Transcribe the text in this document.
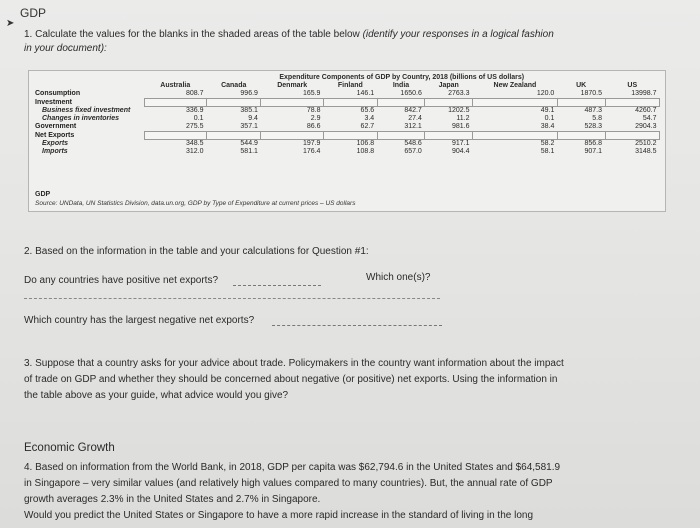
GDP
➤
1. Calculate the values for the blanks in the shaded areas of the table below (identify your responses in a logical fashion in your document):
	Expenditure Components of GDP by Country, 2018 (billions of US dollars)								
	Australia	Canada	Denmark	Finland	India	Japan	New Zealand	UK	US
Consumption	808.7	996.9	165.9	146.1	1650.6	2763.3	120.0	1870.5	13998.7
Investment									
Business fixed investment	336.9	385.1	78.8	65.6	842.7	1202.5	49.1	487.3	4260.7
Changes in inventories	0.1	9.4	2.9	3.4	27.4	11.2	0.1	5.8	54.7
Government	275.5	357.1	86.6	62.7	312.1	981.6	38.4	528.3	2904.3
Net Exports									
Exports	348.5	544.9	197.9	106.8	548.6	917.1	58.2	856.8	2510.2
Imports	312.0	581.1	176.4	108.8	657.0	904.4	58.1	907.1	3148.5
GDP
Source: UNData, UN Statistics Division, data.un.org, GDP by Type of Expenditure at current prices – US dollars
2. Based on the information in the table and your calculations for Question #1:
Do any countries have positive net exports?	Which one(s)?
Which country has the largest negative net exports?
3. Suppose that a country asks for your advice about trade. Policymakers in the country want information about the impact of trade on GDP and whether they should be concerned about negative (or positive) net exports. Using the information in the table above as your guide, what advice would you give?
Economic Growth
4. Based on information from the World Bank, in 2018, GDP per capita was $62,794.6 in the United States and $64,581.9 in Singapore – very similar values (and relatively high values compared to many countries). But, the annual rate of GDP growth averages 2.3% in the United States and 2.7% in Singapore.
Would you predict the United States or Singapore to have a more rapid increase in the standard of living in the long
